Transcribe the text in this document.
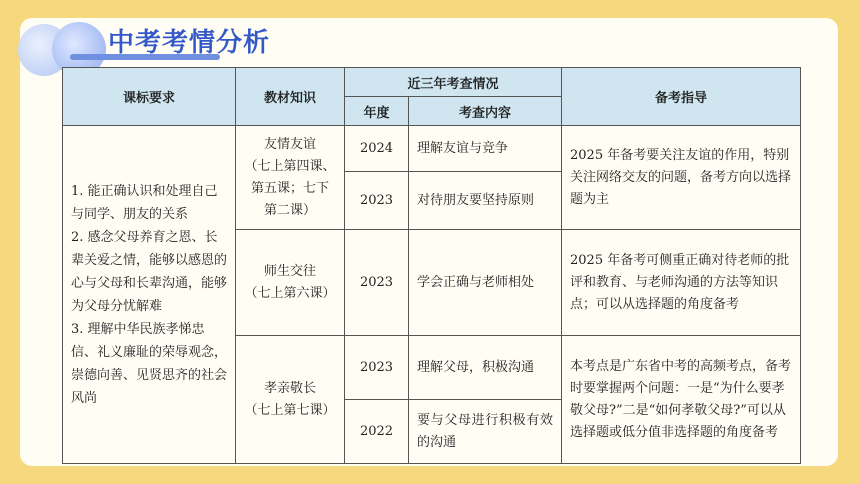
中考考情分析
课标要求	教材知识	近三年考查情况		备考指导
		年度	考查内容	

1. 能正确认识和处理自己与同学、朋友的关系
2. 感念父母养育之恩、长辈关爱之情，能够以感恩的心与父母和长辈沟通，能够为父母分忧解难
3. 理解中华民族孝悌忠信、礼义廉耻的荣辱观念，崇德向善、见贤思齐的社会风尚	友情友谊
（七上第四课、
第五课；七下
第二课）	2024	理解友谊与竞争	2025 年备考要关注友谊的作用，特别关注网络交友的问题，备考方向以选择题为主
		2023	对待朋友要坚持原则	

	师生交往
（七上第六课）	2023	学会正确与老师相处	2025 年备考可侧重正确对待老师的批评和教育、与老师沟通的方法等知识点；可以从选择题的角度备考

	孝亲敬长
（七上第七课）	2023	理解父母，积极沟通	本考点是广东省中考的高频考点，备考时要掌握两个问题：一是“为什么要孝敬父母?”二是“如何孝敬父母?”可以从选择题或低分值非选择题的角度备考
		2022	要与父母进行积极有效的沟通	
